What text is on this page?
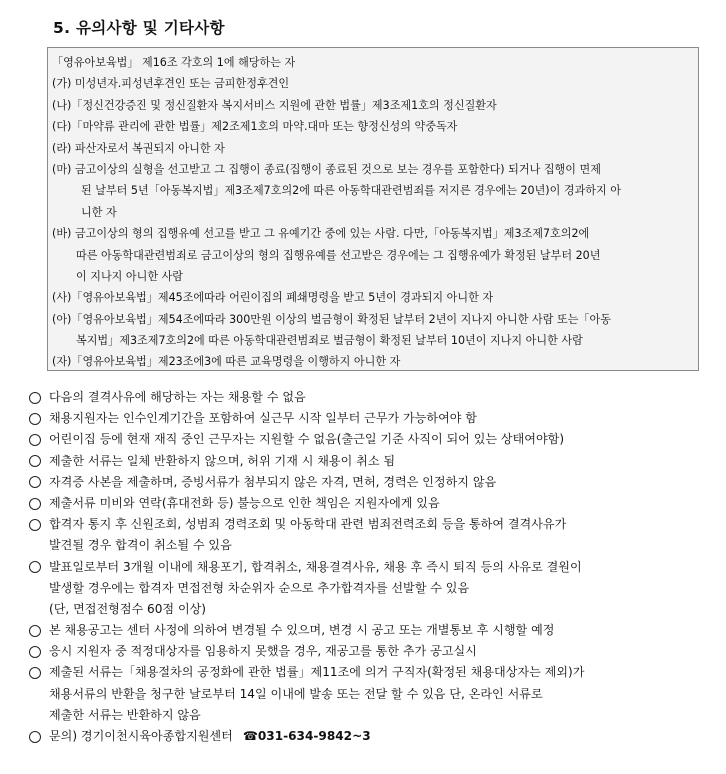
5. 유의사항 및 기타사항
「영유아보육법」 제16조 각호의 1에 해당하는 자
(가) 미성년자.피성년후견인 또는 금피한정후견인
(나)「정신건강증진 및 정신질환자 복지서비스 지원에 관한 법률」제3조제1호의 정신질환자
(다)「마약류 관리에 관한 법률」제2조제1호의 마약.대마 또는 향정신성의 약중독자
(라) 파산자로서 복권되지 아니한 자
(마) 금고이상의 실형을 선고받고 그 집행이 종료(집행이 종료된 것으로 보는 경우를 포함한다) 되거나 집행이 면제
된 날부터 5년「아동복지법」제3조제7호의2에 따른 아동학대관련범죄를 저지른 경우에는 20년)이 경과하지 아
니한 자
(바) 금고이상의 형의 집행유예 선고를 받고 그 유예기간 중에 있는 사람. 다만,「아동복지법」제3조제7호의2에
따른 아동학대관련범죄로 금고이상의 형의 집행유예를 선고받은 경우에는 그 집행유예가 확정된 날부터 20년
이 지나지 아니한 사람
(사)「영유아보육법」제45조에따라 어린이집의 폐쇄명령을 받고 5년이 경과되지 아니한 자
(아)「영유아보육법」제54조에따라 300만원 이상의 벌금형이 확정된 날부터 2년이 지나지 아니한 사람 또는「아동
복지법」제3조제7호의2에 따른 아동학대관련범죄로 벌금형이 확정된 날부터 10년이 지나지 아니한 사람
(자)「영유아보육법」제23조에3에 따른 교육명령을 이행하지 아니한 자
다음의 결격사유에 해당하는 자는 채용할 수 없음
채용지원자는 인수인계기간을 포함하여 실근무 시작 일부터 근무가 가능하여야 함
어린이집 등에 현재 재직 중인 근무자는 지원할 수 없음(출근일 기준 사직이 되어 있는 상태여야함)
제출한 서류는 일체 반환하지 않으며, 허위 기재 시 채용이 취소 됨
자격증 사본을 제출하며, 증빙서류가 첨부되지 않은 자격, 면허, 경력은 인정하지 않음
제출서류 미비와 연락(휴대전화 등) 불능으로 인한 책임은 지원자에게 있음
합격자 통지 후 신원조회, 성범죄 경력조회 및 아동학대 관련 범죄전력조회 등을 통하여 결격사유가
발견될 경우 합격이 취소될 수 있음
발표일로부터 3개월 이내에 채용포기, 합격취소, 채용결격사유, 채용 후 즉시 퇴직 등의 사유로 결원이
발생할 경우에는 합격자 면접전형 차순위자 순으로 추가합격자를 선발할 수 있음
(단, 면접전형점수 60점 이상)
본 채용공고는 센터 사정에 의하여 변경될 수 있으며, 변경 시 공고 또는 개별통보 후 시행할 예정
응시 지원자 중 적정대상자를 임용하지 못했을 경우, 재공고를 통한 추가 공고실시
제출된 서류는「채용절차의 공정화에 관한 법률」제11조에 의거 구직자(확정된 채용대상자는 제외)가
채용서류의 반환을 청구한 날로부터 14일 이내에 발송 또는 전달 할 수 있음 단, 온라인 서류로
제출한 서류는 반환하지 않음
문의) 경기이천시육아종합지원센터 ☎031-634-9842~3
